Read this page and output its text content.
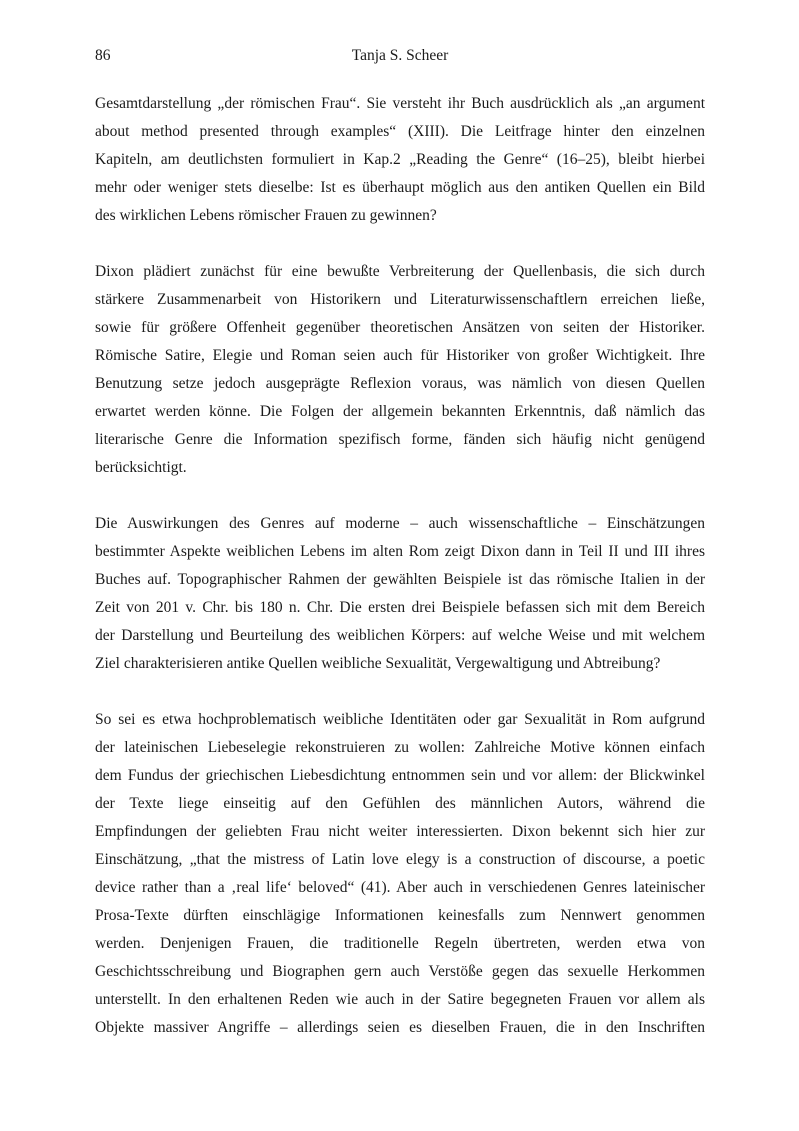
86	Tanja S. Scheer
Gesamtdarstellung „der römischen Frau“. Sie versteht ihr Buch ausdrücklich als „an argument
about method presented through examples“ (XIII). Die Leitfrage hinter den einzelnen
Kapiteln, am deutlichsten formuliert in Kap.2 „Reading the Genre“ (16–25), bleibt hierbei
mehr oder weniger stets dieselbe: Ist es überhaupt möglich aus den antiken Quellen ein Bild
des wirklichen Lebens römischer Frauen zu gewinnen?
Dixon plädiert zunächst für eine bewußte Verbreiterung der Quellenbasis, die sich durch
stärkere Zusammenarbeit von Historikern und Literaturwissenschaftlern erreichen ließe,
sowie für größere Offenheit gegenüber theoretischen Ansätzen von seiten der Historiker.
Römische Satire, Elegie und Roman seien auch für Historiker von großer Wichtigkeit. Ihre
Benutzung setze jedoch ausgeprägte Reflexion voraus, was nämlich von diesen Quellen
erwartet werden könne. Die Folgen der allgemein bekannten Erkenntnis, daß nämlich das
literarische Genre die Information spezifisch forme, fänden sich häufig nicht genügend
berücksichtigt.
Die Auswirkungen des Genres auf moderne – auch wissenschaftliche – Einschätzungen
bestimmter Aspekte weiblichen Lebens im alten Rom zeigt Dixon dann in Teil II und III ihres
Buches auf. Topographischer Rahmen der gewählten Beispiele ist das römische Italien in der
Zeit von 201 v. Chr. bis 180 n. Chr. Die ersten drei Beispiele befassen sich mit dem Bereich
der Darstellung und Beurteilung des weiblichen Körpers: auf welche Weise und mit welchem
Ziel charakterisieren antike Quellen weibliche Sexualität, Vergewaltigung und Abtreibung?
So sei es etwa hochproblematisch weibliche Identitäten oder gar Sexualität in Rom aufgrund
der lateinischen Liebeselegie rekonstruieren zu wollen: Zahlreiche Motive können einfach
dem Fundus der griechischen Liebesdichtung entnommen sein und vor allem: der Blickwinkel
der Texte liege einseitig auf den Gefühlen des männlichen Autors, während die
Empfindungen der geliebten Frau nicht weiter interessierten. Dixon bekennt sich hier zur
Einschätzung, „that the mistress of Latin love elegy is a construction of discourse, a poetic
device rather than a ‚real life‘ beloved“ (41). Aber auch in verschiedenen Genres lateinischer
Prosa-Texte dürften einschlägige Informationen keinesfalls zum Nennwert genommen
werden. Denjenigen Frauen, die traditionelle Regeln übertreten, werden etwa von
Geschichtsschreibung und Biographen gern auch Verstöße gegen das sexuelle Herkommen
unterstellt. In den erhaltenen Reden wie auch in der Satire begegneten Frauen vor allem als
Objekte massiver Angriffe – allerdings seien es dieselben Frauen, die in den Inschriften
